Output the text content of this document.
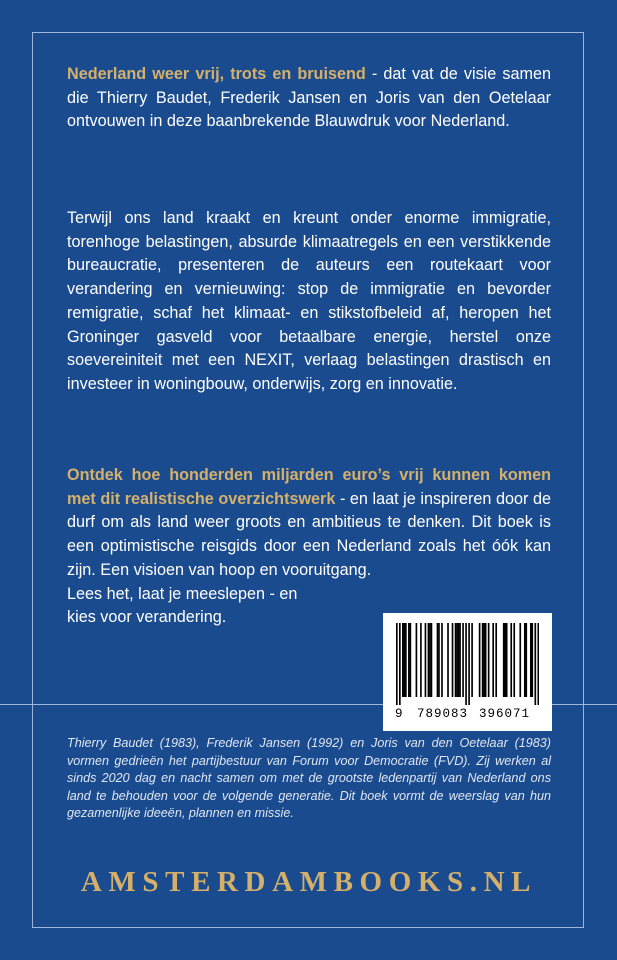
Nederland weer vrij, trots en bruisend - dat vat de visie samen die Thierry Baudet, Frederik Jansen en Joris van den Oetelaar ontvouwen in deze baanbrekende Blauwdruk voor Nederland.

Terwijl ons land kraakt en kreunt onder enorme immigratie, torenhoge belastingen, absurde klimaatregels en een verstikkende bureaucratie, presenteren de auteurs een routekaart voor verandering en vernieuwing: stop de immigratie en bevorder remigratie, schaf het klimaat- en stikstofbeleid af, heropen het Groninger gasveld voor betaalbare energie, herstel onze soevereiniteit met een NEXIT, verlaag belastingen drastisch en investeer in woningbouw, onderwijs, zorg en innovatie.

Ontdek hoe honderden miljarden euro’s vrij kunnen komen met dit realistische overzichtswerk - en laat je inspireren door de durf om als land weer groots en ambitieus te denken. Dit boek is een optimistische reisgids door een Nederland zoals het óók kan zijn. Een visioen van hoop en vooruitgang.
Lees het, laat je meeslepen - en
kies voor verandering.

9 789083 396071

Thierry Baudet (1983), Frederik Jansen (1992) en Joris van den Oetelaar (1983) vormen gedrieën het partijbestuur van Forum voor Democratie (FVD). Zij werken al sinds 2020 dag en nacht samen om met de grootste ledenpartij van Nederland ons land te behouden voor de volgende generatie. Dit boek vormt de weerslag van hun gezamenlijke ideeën, plannen en missie.

AMSTERDAMBOOKS.NL
